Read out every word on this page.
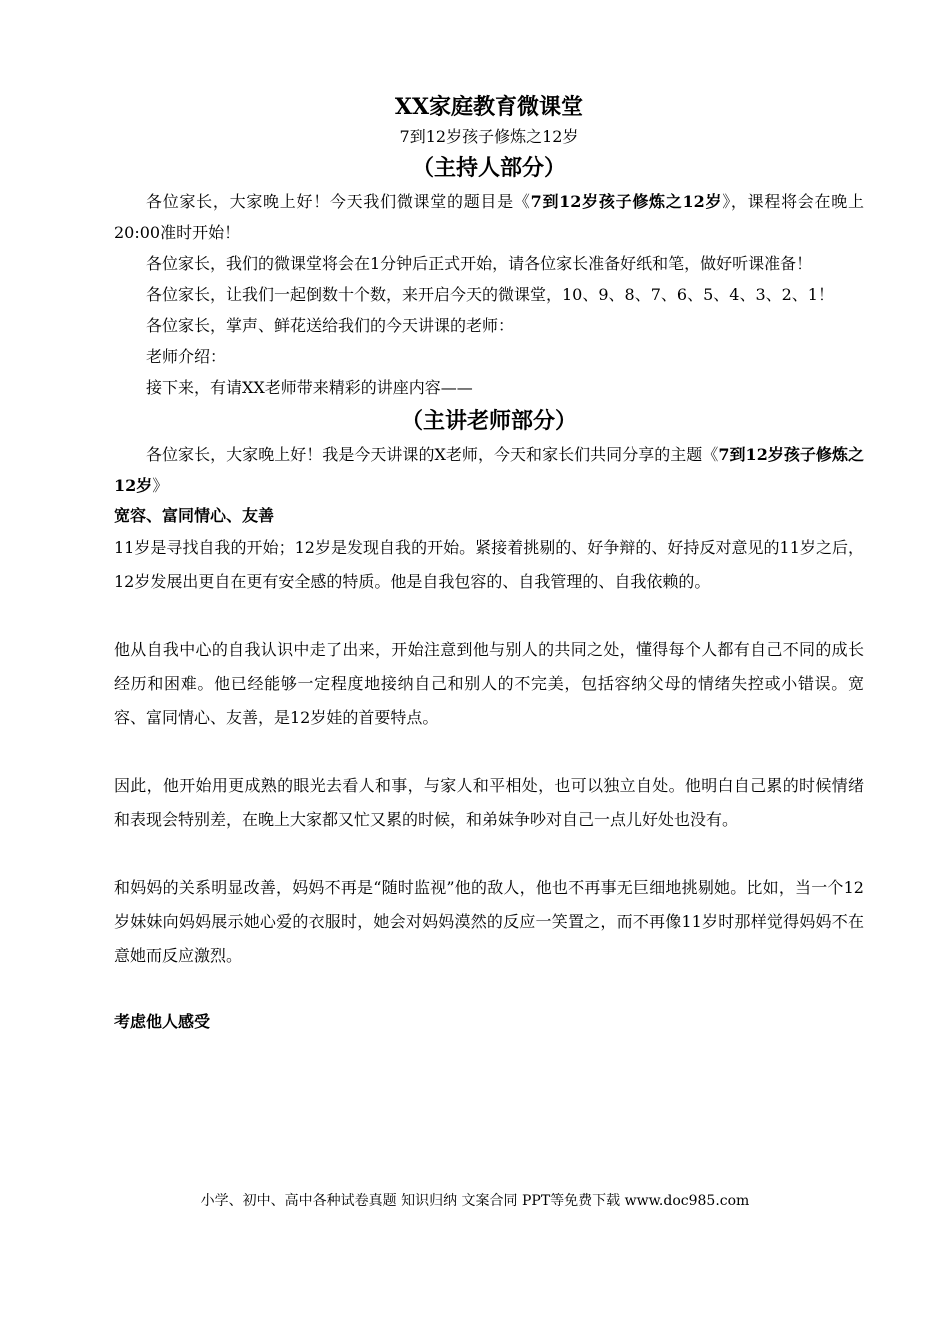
XX家庭教育微课堂

7到12岁孩子修炼之12岁

（主持人部分）

各位家长，大家晚上好！今天我们微课堂的题目是《7到12岁孩子修炼之12岁》，课程将会在晚上20:00准时开始！

各位家长，我们的微课堂将会在1分钟后正式开始，请各位家长准备好纸和笔，做好听课准备！

各位家长，让我们一起倒数十个数，来开启今天的微课堂，10、9、8、7、6、5、4、3、2、1！

各位家长，掌声、鲜花送给我们的今天讲课的老师：

老师介绍：

接下来，有请XX老师带来精彩的讲座内容——

（主讲老师部分）

各位家长，大家晚上好！我是今天讲课的X老师，今天和家长们共同分享的主题《7到12岁孩子修炼之12岁》

宽容、富同情心、友善

11岁是寻找自我的开始；12岁是发现自我的开始。紧接着挑剔的、好争辩的、好持反对意见的11岁之后，12岁发展出更自在更有安全感的特质。他是自我包容的、自我管理的、自我依赖的。

他从自我中心的自我认识中走了出来，开始注意到他与别人的共同之处，懂得每个人都有自己不同的成长经历和困难。他已经能够一定程度地接纳自己和别人的不完美，包括容纳父母的情绪失控或小错误。宽容、富同情心、友善，是12岁娃的首要特点。

因此，他开始用更成熟的眼光去看人和事，与家人和平相处，也可以独立自处。他明白自己累的时候情绪和表现会特别差，在晚上大家都又忙又累的时候，和弟妹争吵对自己一点儿好处也没有。

和妈妈的关系明显改善，妈妈不再是“随时监视”他的敌人，他也不再事无巨细地挑剔她。比如，当一个12岁妹妹向妈妈展示她心爱的衣服时，她会对妈妈漠然的反应一笑置之，而不再像11岁时那样觉得妈妈不在意她而反应激烈。

考虑他人感受

小学、初中、高中各种试卷真题 知识归纳 文案合同 PPT等免费下载 www.doc985.com
